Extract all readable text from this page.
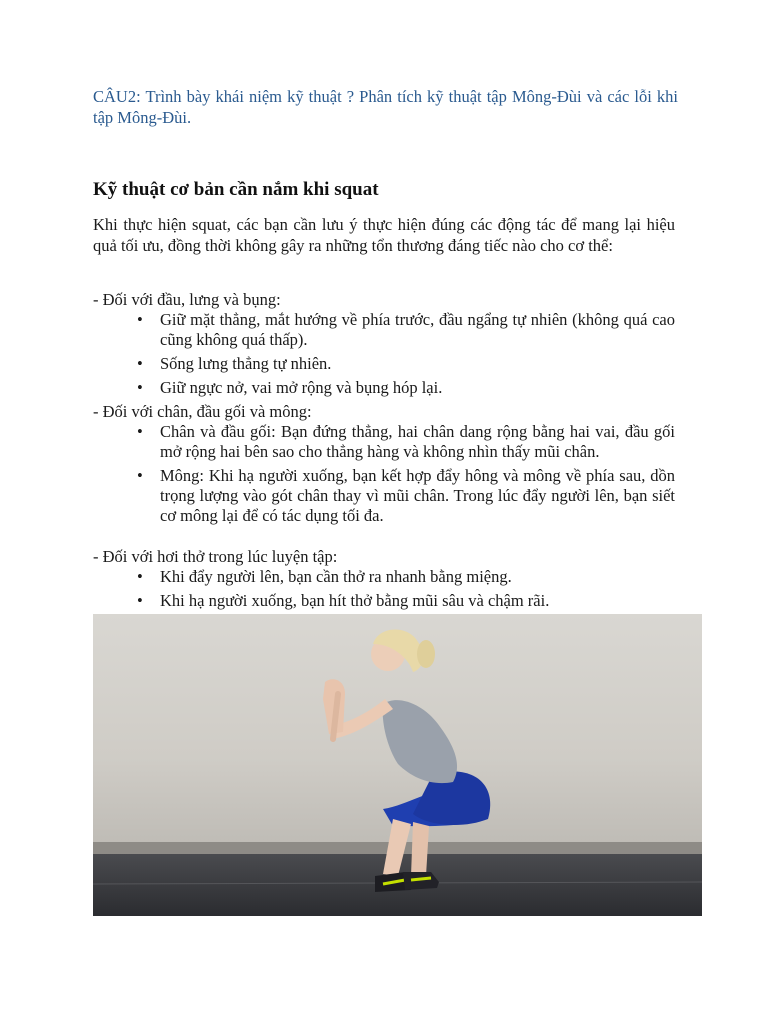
CÂU2: Trình bày khái niệm kỹ thuật ? Phân tích kỹ thuật tập Mông-Đùi và các lỗi khi tập Mông-Đùi.
Kỹ thuật cơ bản cần nắm khi squat
Khi thực hiện squat, các bạn cần lưu ý thực hiện đúng các động tác để mang lại hiệu quả tối ưu, đồng thời không gây ra những tổn thương đáng tiếc nào cho cơ thể:
- Đối với đầu, lưng và bụng:
• Giữ mặt thẳng, mắt hướng về phía trước, đầu ngẩng tự nhiên (không quá cao cũng không quá thấp).
• Sống lưng thẳng tự nhiên.
• Giữ ngực nở, vai mở rộng và bụng hóp lại.
- Đối với chân, đầu gối và mông:
• Chân và đầu gối: Bạn đứng thẳng, hai chân dang rộng bằng hai vai, đầu gối mở rộng hai bên sao cho thẳng hàng và không nhìn thấy mũi chân.
• Mông: Khi hạ người xuống, bạn kết hợp đẩy hông và mông về phía sau, dồn trọng lượng vào gót chân thay vì mũi chân. Trong lúc đẩy người lên, bạn siết cơ mông lại để có tác dụng tối đa.
- Đối với hơi thở trong lúc luyện tập:
• Khi đẩy người lên, bạn cần thở ra nhanh bằng miệng.
• Khi hạ người xuống, bạn hít thở bằng mũi sâu và chậm rãi.
